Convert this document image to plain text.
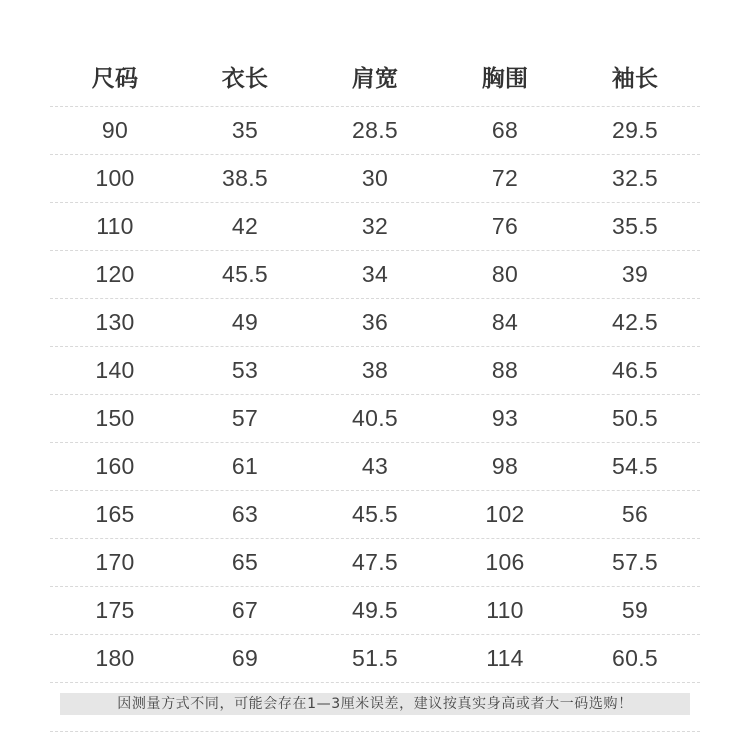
尺码	衣长	肩宽	胸围	袖长
90	35	28.5	68	29.5
100	38.5	30	72	32.5
110	42	32	76	35.5
120	45.5	34	80	39
130	49	36	84	42.5
140	53	38	88	46.5
150	57	40.5	93	50.5
160	61	43	98	54.5
165	63	45.5	102	56
170	65	47.5	106	57.5
175	67	49.5	110	59
180	69	51.5	114	60.5
因测量方式不同，可能会存在1—3厘米误差，建议按真实身高或者大一码选购！
